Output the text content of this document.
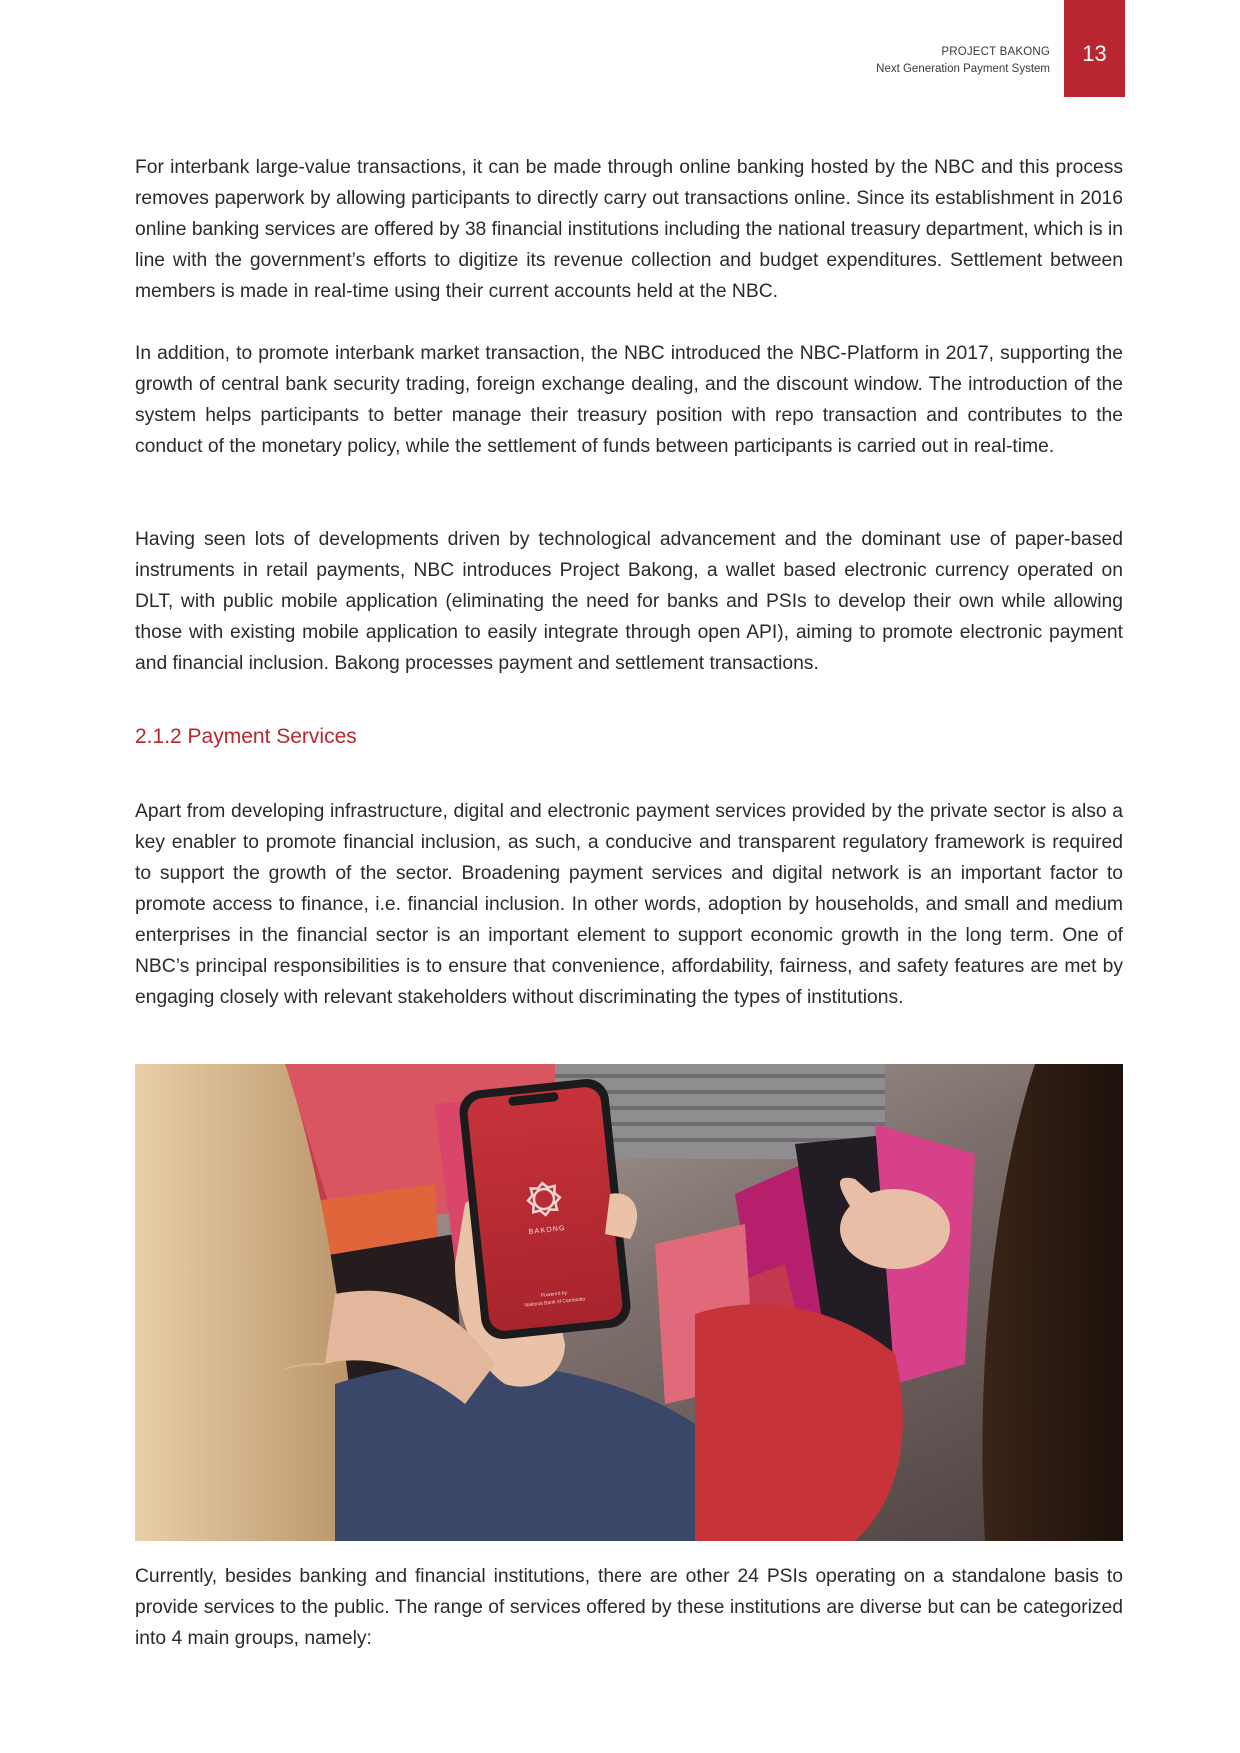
PROJECT BAKONG
Next Generation Payment System
13

For interbank large-value transactions, it can be made through online banking hosted by the NBC and this process removes paperwork by allowing participants to directly carry out transactions online. Since its establishment in 2016 online banking services are offered by 38 financial institutions including the national treasury department, which is in line with the government’s efforts to digitize its revenue collection and budget expenditures. Settlement between members is made in real-time using their current accounts held at the NBC.

In addition, to promote interbank market transaction, the NBC introduced the NBC-Platform in 2017, supporting the growth of central bank security trading, foreign exchange dealing, and the discount window. The introduction of the system helps participants to better manage their treasury position with repo transaction and contributes to the conduct of the monetary policy, while the settlement of funds between participants is carried out in real-time.

Having seen lots of developments driven by technological advancement and the dominant use of paper-based instruments in retail payments, NBC introduces Project Bakong, a wallet based electronic currency operated on DLT, with public mobile application (eliminating the need for banks and PSIs to develop their own while allowing those with existing mobile application to easily integrate through open API), aiming to promote electronic payment and financial inclusion. Bakong processes payment and settlement transactions.

2.1.2 Payment Services

Apart from developing infrastructure, digital and electronic payment services provided by the private sector is also a key enabler to promote financial inclusion, as such, a conducive and transparent regulatory framework is required to support the growth of the sector. Broadening payment services and digital network is an important factor to promote access to finance, i.e. financial inclusion. In other words, adoption by households, and small and medium enterprises in the financial sector is an important element to support economic growth in the long term. One of NBC’s principal responsibilities is to ensure that convenience, affordability, fairness, and safety features are met by engaging closely with relevant stakeholders without discriminating the types of institutions.

BAKONG
Powered by
National Bank of Cambodia

Currently, besides banking and financial institutions, there are other 24 PSIs operating on a standalone basis to provide services to the public. The range of services offered by these institutions are diverse but can be categorized into 4 main groups, namely:
